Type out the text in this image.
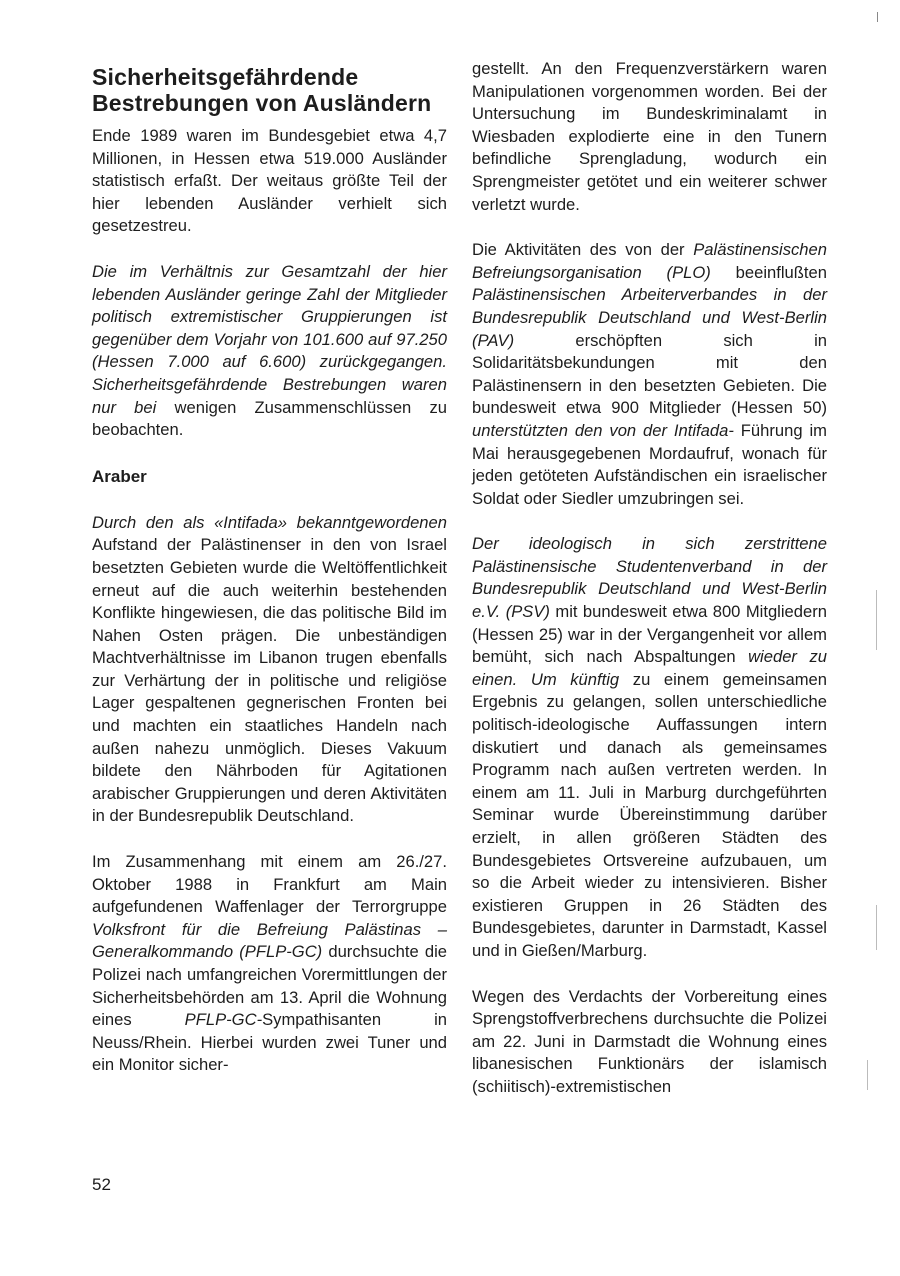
Sicherheitsgefährdende Bestrebungen von Ausländern

Ende 1989 waren im Bundesgebiet etwa 4,7 Millionen, in Hessen etwa 519.000 Ausländer statistisch erfaßt. Der weitaus größte Teil der hier lebenden Ausländer verhielt sich gesetzestreu.

Die im Verhältnis zur Gesamtzahl der hier lebenden Ausländer geringe Zahl der Mitglieder politisch extremistischer Gruppierungen ist gegenüber dem Vorjahr von 101.600 auf 97.250 (Hessen 7.000 auf 6.600) zurückgegangen. Sicherheitsgefährdende Bestrebungen waren nur bei wenigen Zusammenschlüssen zu beobachten.

Araber

Durch den als «Intifada» bekanntgewordenen Aufstand der Palästinenser in den von Israel besetzten Gebieten wurde die Weltöffentlichkeit erneut auf die auch weiterhin bestehenden Konflikte hingewiesen, die das politische Bild im Nahen Osten prägen. Die unbeständigen Machtverhältnisse im Libanon trugen ebenfalls zur Verhärtung der in politische und religiöse Lager gespaltenen gegnerischen Fronten bei und machten ein staatliches Handeln nach außen nahezu unmöglich. Dieses Vakuum bildete den Nährboden für Agitationen arabischer Gruppierungen und deren Aktivitäten in der Bundesrepublik Deutschland.

Im Zusammenhang mit einem am 26./27. Oktober 1988 in Frankfurt am Main aufgefundenen Waffenlager der Terrorgruppe Volksfront für die Befreiung Palästinas – Generalkommando (PFLP-GC) durchsuchte die Polizei nach umfangreichen Vorermittlungen der Sicherheitsbehörden am 13. April die Wohnung eines	PFLP-GC-Sympathisanten in Neuss/Rhein. Hierbei wurden zwei Tuner und ein Monitor sicher-

gestellt. An den Frequenzverstärkern waren Manipulationen vorgenommen worden. Bei der Untersuchung im Bundeskriminalamt in Wiesbaden explodierte eine in den Tunern befindliche Sprengladung, wodurch ein Sprengmeister getötet und ein weiterer schwer verletzt wurde.

Die Aktivitäten des von der Palästinensischen Befreiungsorganisation (PLO) beeinflußten Palästinensischen Arbeiterverbandes in der Bundesrepublik Deutschland und West-Berlin (PAV)	erschöpften sich in Solidaritätsbekundungen mit den Palästinensern in den besetzten Gebieten. Die bundesweit etwa 900 Mitglieder (Hessen 50) unterstützten den von der Intifada- Führung im Mai herausgegebenen Mordaufruf, wonach für jeden getöteten Aufständischen ein israelischer Soldat oder Siedler umzubringen sei.

Der ideologisch in sich zerstrittene Palästinensische Studentenverband in der Bundesrepublik Deutschland und West-Berlin e.V. (PSV) mit bundesweit etwa 800 Mitgliedern (Hessen 25) war in der Vergangenheit vor allem bemüht, sich nach Abspaltungen wieder zu einen. Um künftig zu einem gemeinsamen Ergebnis zu gelangen, sollen unterschiedliche politisch-ideologische Auffassungen intern diskutiert und danach als gemeinsames Programm nach außen vertreten werden. In einem am 11. Juli in Marburg durchgeführten Seminar wurde Übereinstimmung darüber erzielt, in allen größeren Städten des Bundesgebietes Ortsvereine aufzubauen, um so die Arbeit wieder zu intensivieren. Bisher existieren Gruppen in 26 Städten des Bundesgebietes, darunter in Darmstadt, Kassel und in Gießen/Marburg.

Wegen des Verdachts der Vorbereitung eines Sprengstoffverbrechens durchsuchte die Polizei am 22. Juni in Darmstadt die Wohnung eines libanesischen Funktionärs der islamisch (schiitisch)-extremistischen

52
